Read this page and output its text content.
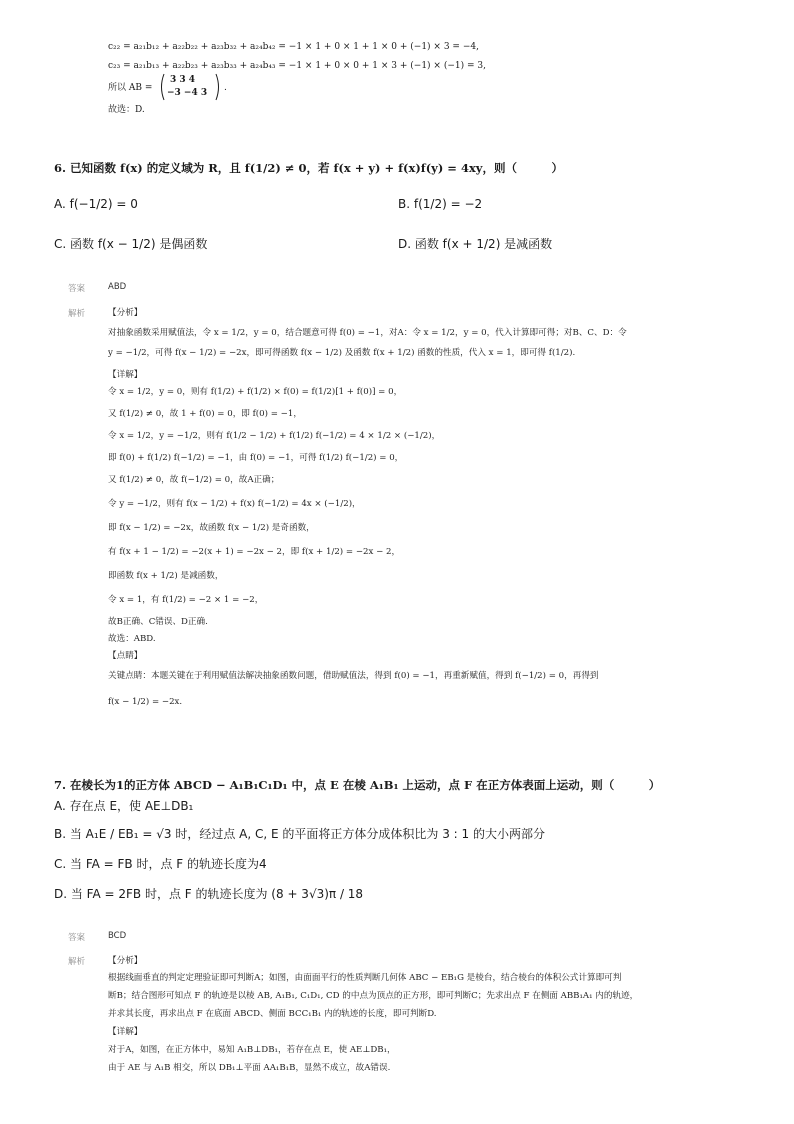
c₂₂ = a₂₁b₁₂ + a₂₂b₂₂ + a₂₃b₃₂ + a₂₄b₄₂ = −1 × 1 + 0 × 1 + 1 × 0 + (−1) × 3 = −4,
c₂₃ = a₂₁b₁₃ + a₂₂b₂₃ + a₂₃b₃₃ + a₂₄b₄₃ = −1 × 1 + 0 × 0 + 1 × 3 + (−1) × (−1) = 3,
所以 AB =
3 3 4
−3 −4 3 .
故选：D.
6. 已知函数 f(x) 的定义域为 R，且 f(1/2) ≠ 0，若 f(x + y) + f(x)f(y) = 4xy，则（　　　）
A. f(−1/2) = 0	B. f(1/2) = −2
C. 函数 f(x − 1/2) 是偶函数	D. 函数 f(x + 1/2) 是减函数
答案	ABD
解析	【分析】
对抽象函数采用赋值法，令 x = 1/2，y = 0，结合题意可得 f(0) = −1，对A：令 x = 1/2，y = 0，代入计算即可得；对B、C、D：令
y = −1/2，可得 f(x − 1/2) = −2x，即可得函数 f(x − 1/2) 及函数 f(x + 1/2) 函数的性质，代入 x = 1，即可得 f(1/2).
【详解】
令 x = 1/2，y = 0，则有 f(1/2) + f(1/2) × f(0) = f(1/2)[1 + f(0)] = 0，
又 f(1/2) ≠ 0，故 1 + f(0) = 0，即 f(0) = −1，
令 x = 1/2，y = −1/2，则有 f(1/2 − 1/2) + f(1/2) f(−1/2) = 4 × 1/2 × (−1/2)，
即 f(0) + f(1/2) f(−1/2) = −1，由 f(0) = −1，可得 f(1/2) f(−1/2) = 0，
又 f(1/2) ≠ 0，故 f(−1/2) = 0，故A正确；
令 y = −1/2，则有 f(x − 1/2) + f(x) f(−1/2) = 4x × (−1/2)，
即 f(x − 1/2) = −2x，故函数 f(x − 1/2) 是奇函数，
有 f(x + 1 − 1/2) = −2(x + 1) = −2x − 2，即 f(x + 1/2) = −2x − 2，
即函数 f(x + 1/2) 是减函数，
令 x = 1，有 f(1/2) = −2 × 1 = −2，
故B正确、C错误、D正确.
故选：ABD.
【点睛】
关键点睛：本题关键在于利用赋值法解决抽象函数问题，借助赋值法，得到 f(0) = −1，再重新赋值，得到 f(−1/2) = 0，再得到
f(x − 1/2) = −2x.
7. 在棱长为1的正方体 ABCD − A₁B₁C₁D₁ 中，点 E 在棱 A₁B₁ 上运动，点 F 在正方体表面上运动，则（　　　）
A. 存在点 E，使 AE⊥DB₁
B. 当 A₁E / EB₁ = √3 时，经过点 A, C, E 的平面将正方体分成体积比为 3 : 1 的大小两部分
C. 当 FA = FB 时，点 F 的轨迹长度为4
D. 当 FA = 2FB 时，点 F 的轨迹长度为 (8 + 3√3)π / 18
答案	BCD
解析	【分析】
根据线面垂直的判定定理验证即可判断A；如图，由面面平行的性质判断几何体 ABC − EB₁G 是棱台，结合棱台的体积公式计算即可判
断B；结合图形可知点 F 的轨迹是以棱 AB, A₁B₁, C₁D₁, CD 的中点为顶点的正方形，即可判断C；先求出点 F 在侧面 ABB₁A₁ 内的轨迹，
并求其长度，再求出点 F 在底面 ABCD、侧面 BCC₁B₁ 内的轨迹的长度，即可判断D.
【详解】
对于A，如图，在正方体中，易知 A₁B⊥DB₁，若存在点 E，使 AE⊥DB₁，
由于 AE 与 A₁B 相交，所以 DB₁⊥平面 AA₁B₁B，显然不成立，故A错误.
